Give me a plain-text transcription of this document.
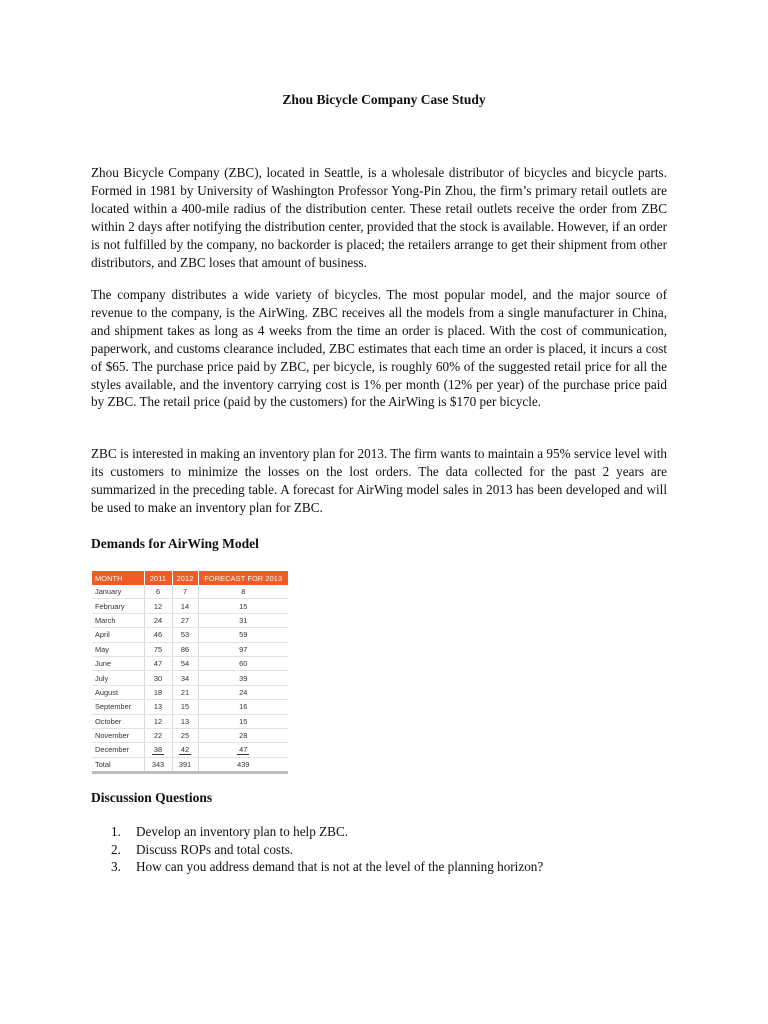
Zhou Bicycle Company Case Study

Zhou Bicycle Company (ZBC), located in Seattle, is a wholesale distributor of bicycles and bicycle parts. Formed in 1981 by University of Washington Professor Yong-Pin Zhou, the firm’s primary retail outlets are located within a 400-mile radius of the distribution center. These retail outlets receive the order from ZBC within 2 days after notifying the distribution center, provided that the stock is available. However, if an order is not fulfilled by the company, no backorder is placed; the retailers arrange to get their shipment from other distributors, and ZBC loses that amount of business.

The company distributes a wide variety of bicycles. The most popular model, and the major source of revenue to the company, is the AirWing. ZBC receives all the models from a single manufacturer in China, and shipment takes as long as 4 weeks from the time an order is placed. With the cost of communication, paperwork, and customs clearance included, ZBC estimates that each time an order is placed, it incurs a cost of $65. The purchase price paid by ZBC, per bicycle, is roughly 60% of the suggested retail price for all the styles available, and the inventory carrying cost is 1% per month (12% per year) of the purchase price paid by ZBC. The retail price (paid by the customers) for the AirWing is $170 per bicycle.

ZBC is interested in making an inventory plan for 2013. The firm wants to maintain a 95% service level with its customers to minimize the losses on the lost orders. The data collected for the past 2 years are summarized in the preceding table. A forecast for AirWing model sales in 2013 has been developed and will be used to make an inventory plan for ZBC.

Demands for AirWing Model
MONTH	2011	2012	FORECAST FOR 2013
January	6	7	8
February	12	14	15
March	24	27	31
April	46	53	59
May	75	86	97
June	47	54	60
July	30	34	39
August	18	21	24
September	13	15	16
October	12	13	15
November	22	25	28
December	38	42	47
Total	343	391	439
Discussion Questions
1. Develop an inventory plan to help ZBC.
2. Discuss ROPs and total costs.
3. How can you address demand that is not at the level of the planning horizon?
